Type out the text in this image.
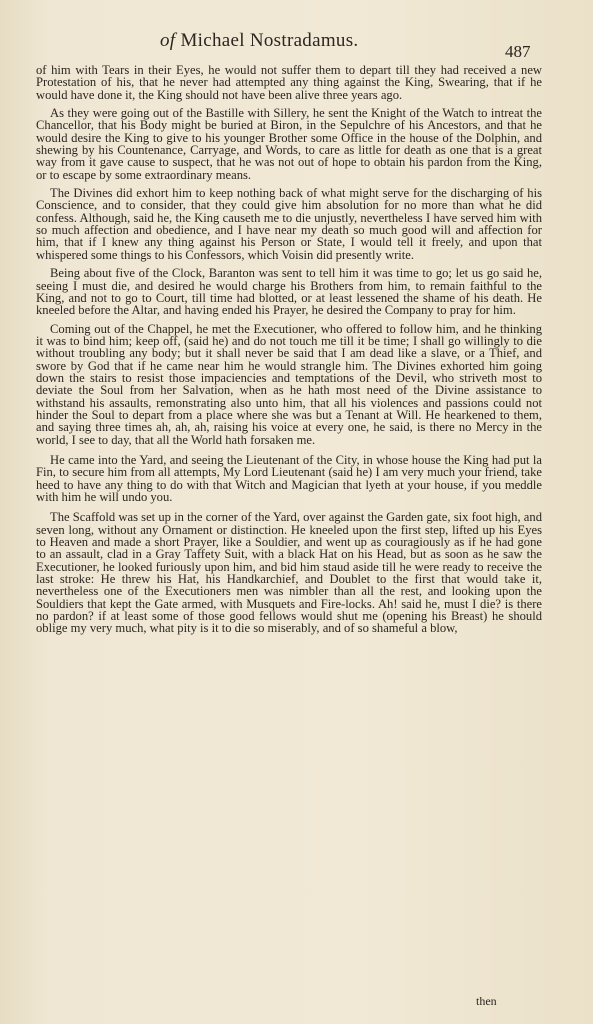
of Michael Nostradamus.
487

of him with Tears in their Eyes, he would not suffer them to depart till they had received a new Protestation of his, that he never had attempted any thing against the King, Swearing, that if he would have done it, the King should not have been alive three years ago.

As they were going out of the Bastille with Sillery, he sent the Knight of the Watch to intreat the Chancellor, that his Body might be buried at Biron, in the Sepulchre of his Ancestors, and that he would desire the King to give to his younger Brother some Office in the house of the Dolphin, and shewing by his Countenance, Carryage, and Words, to care as little for death as one that is a great way from it gave cause to suspect, that he was not out of hope to obtain his pardon from the King, or to escape by some extraordinary means.

The Divines did exhort him to keep nothing back of what might serve for the discharging of his Conscience, and to consider, that they could give him absolution for no more than what he did confess. Although, said he, the King causeth me to die unjustly, nevertheless I have served him with so much affection and obedience, and I have near my death so much good will and affection for him, that if I knew any thing against his Person or State, I would tell it freely, and upon that whispered some things to his Confessors, which Voisin did presently write.

Being about five of the Clock, Baranton was sent to tell him it was time to go; let us go said he, seeing I must die, and desired he would charge his Brothers from him, to remain faithful to the King, and not to go to Court, till time had blotted, or at least lessened the shame of his death. He kneeled before the Altar, and having ended his Prayer, he desired the Company to pray for him.

Coming out of the Chappel, he met the Executioner, who offered to follow him, and he thinking it was to bind him; keep off, (said he) and do not touch me till it be time; I shall go willingly to die without troubling any body; but it shall never be said that I am dead like a slave, or a Thief, and swore by God that if he came near him he would strangle him. The Divines exhorted him going down the stairs to resist those impaciencies and temptations of the Devil, who striveth most to deviate the Soul from her Salvation, when as he hath most need of the Divine assistance to withstand his assaults, remonstrating also unto him, that all his violences and passions could not hinder the Soul to depart from a place where she was but a Tenant at Will. He hearkened to them, and saying three times ah, ah, ah, raising his voice at every one, he said, is there no Mercy in the world, I see to day, that all the World hath forsaken me.

He came into the Yard, and seeing the Lieutenant of the City, in whose house the King had put la Fin, to secure him from all attempts, My Lord Lieutenant (said he) I am very much your friend, take heed to have any thing to do with that Witch and Magician that lyeth at your house, if you meddle with him he will undo you.

The Scaffold was set up in the corner of the Yard, over against the Garden gate, six foot high, and seven long, without any Ornament or distinction. He kneeled upon the first step, lifted up his Eyes to Heaven and made a short Prayer, like a Souldier, and went up as couragiously as if he had gone to an assault, clad in a Gray Taffety Suit, with a black Hat on his Head, but as soon as he saw the Executioner, he looked furiously upon him, and bid him staud aside till he were ready to receive the last stroke: He threw his Hat, his Handkarchief, and Doublet to the first that would take it, nevertheless one of the Executioners men was nimbler than all the rest, and looking upon the Souldiers that kept the Gate armed, with Musquets and Fire-locks. Ah! said he, must I die? is there no pardon? if at least some of those good fellows would shut me (opening his Breast) he should oblige my very much, what pity is it to die so miserably, and of so shameful a blow,

then
